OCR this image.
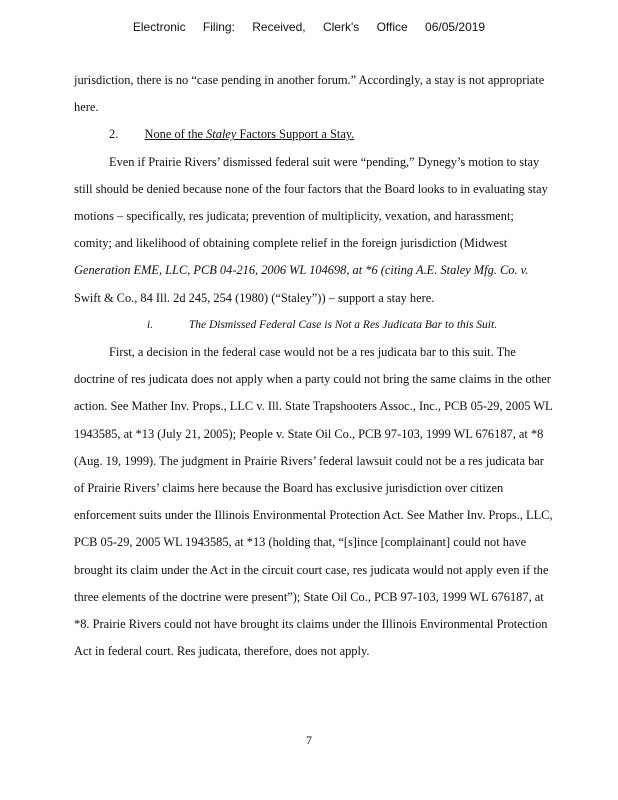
Electronic Filing: Received, Clerk's Office 06/05/2019
jurisdiction, there is no “case pending in another forum.” Accordingly, a stay is not appropriate
here.
2. None of the Staley Factors Support a Stay.
Even if Prairie Rivers’ dismissed federal suit were “pending,” Dynegy’s motion to stay
still should be denied because none of the four factors that the Board looks to in evaluating stay
motions – specifically, res judicata; prevention of multiplicity, vexation, and harassment;
comity; and likelihood of obtaining complete relief in the foreign jurisdiction (Midwest
Generation EME, LLC, PCB 04-216, 2006 WL 104698, at *6 (citing A.E. Staley Mfg. Co. v.
Swift & Co., 84 Ill. 2d 245, 254 (1980) (“Staley”)) – support a stay here.
i.	The Dismissed Federal Case is Not a Res Judicata Bar to this Suit.
First, a decision in the federal case would not be a res judicata bar to this suit. The
doctrine of res judicata does not apply when a party could not bring the same claims in the other
action. See Mather Inv. Props., LLC v. Ill. State Trapshooters Assoc., Inc., PCB 05-29, 2005 WL
1943585, at *13 (July 21, 2005); People v. State Oil Co., PCB 97-103, 1999 WL 676187, at *8
(Aug. 19, 1999). The judgment in Prairie Rivers’ federal lawsuit could not be a res judicata bar
of Prairie Rivers’ claims here because the Board has exclusive jurisdiction over citizen
enforcement suits under the Illinois Environmental Protection Act. See Mather Inv. Props., LLC,
PCB 05-29, 2005 WL 1943585, at *13 (holding that, “[s]ince [complainant] could not have
brought its claim under the Act in the circuit court case, res judicata would not apply even if the
three elements of the doctrine were present”); State Oil Co., PCB 97-103, 1999 WL 676187, at
*8. Prairie Rivers could not have brought its claims under the Illinois Environmental Protection
Act in federal court. Res judicata, therefore, does not apply.
7
